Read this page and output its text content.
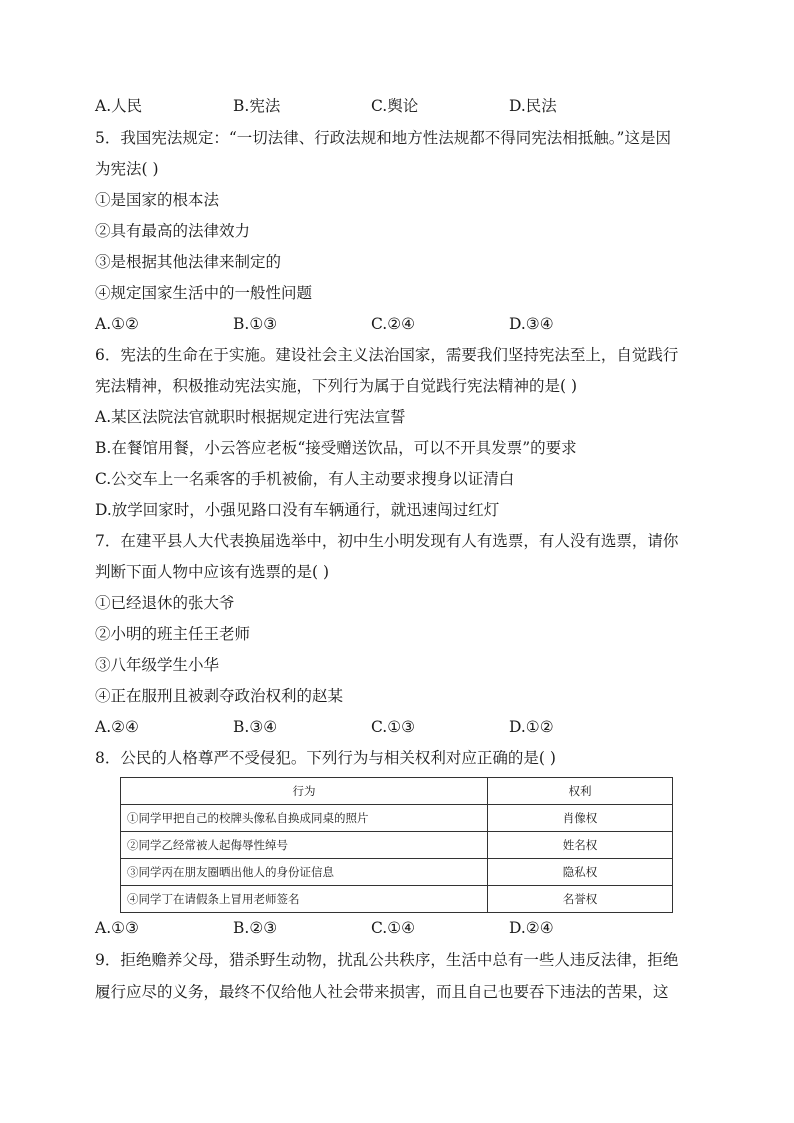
A.人民	B.宪法	C.舆论	D.民法
5．我国宪法规定：“一切法律、行政法规和地方性法规都不得同宪法相抵触。”这是因
为宪法( )
①是国家的根本法
②具有最高的法律效力
③是根据其他法律来制定的
④规定国家生活中的一般性问题
A.①②	B.①③	C.②④	D.③④
6．宪法的生命在于实施。建设社会主义法治国家，需要我们坚持宪法至上，自觉践行
宪法精神，积极推动宪法实施，下列行为属于自觉践行宪法精神的是( )
A.某区法院法官就职时根据规定进行宪法宣誓
B.在餐馆用餐，小云答应老板“接受赠送饮品，可以不开具发票”的要求
C.公交车上一名乘客的手机被偷，有人主动要求搜身以证清白
D.放学回家时，小强见路口没有车辆通行，就迅速闯过红灯
7．在建平县人大代表换届选举中，初中生小明发现有人有选票，有人没有选票，请你
判断下面人物中应该有选票的是( )
①已经退休的张大爷
②小明的班主任王老师
③八年级学生小华
④正在服刑且被剥夺政治权利的赵某
A.②④	B.③④	C.①③	D.①②
8．公民的人格尊严不受侵犯。下列行为与相关权利对应正确的是( )
行为	权利
①同学甲把自己的校牌头像私自换成同桌的照片	肖像权
②同学乙经常被人起侮辱性绰号	姓名权
③同学丙在朋友圈晒出他人的身份证信息	隐私权
④同学丁在请假条上冒用老师签名	名誉权
A.①③	B.②③	C.①④	D.②④
9．拒绝赡养父母，猎杀野生动物，扰乱公共秩序，生活中总有一些人违反法律，拒绝
履行应尽的义务，最终不仅给他人社会带来损害，而且自己也要吞下违法的苦果，这
